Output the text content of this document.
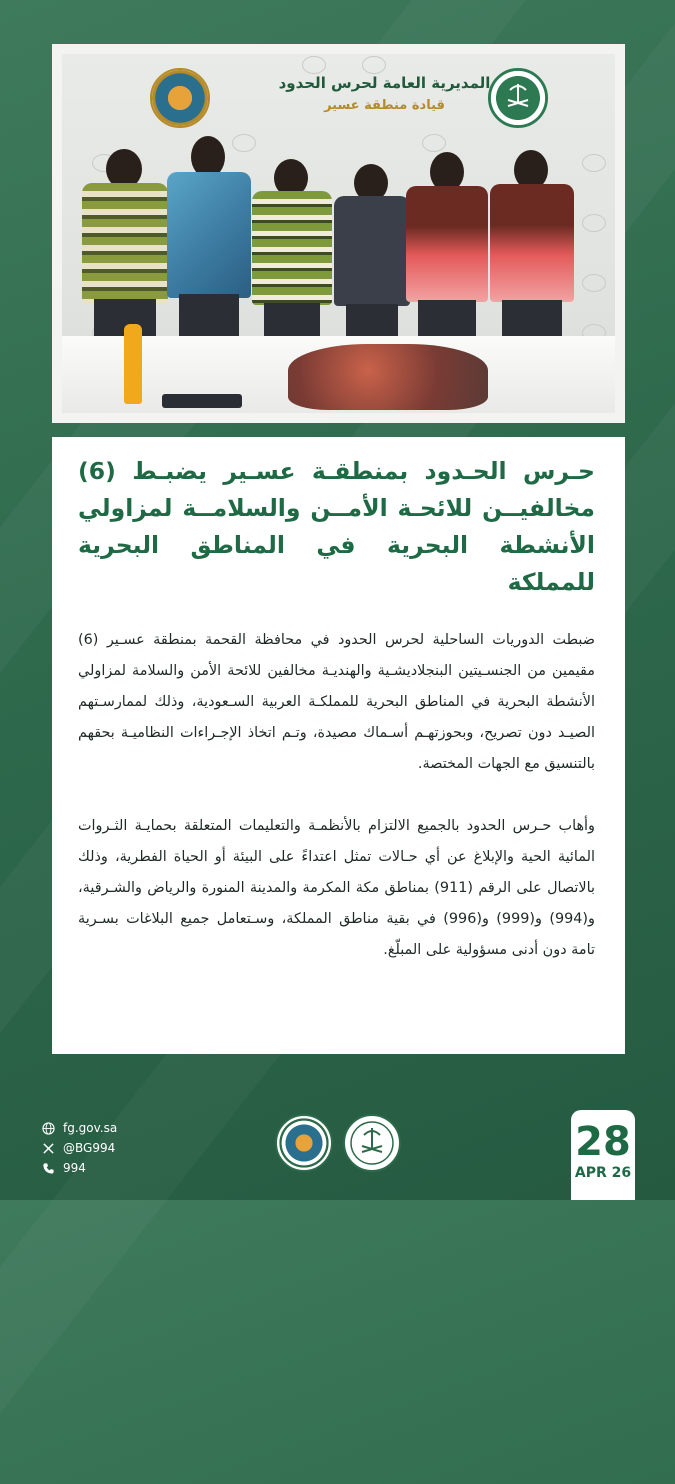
المديرية العامة لحرس الحدود
قيادة منطقة عسير
حـرس الحـدود بمنطقـة عسـير يضبـط (6) مخالفيــن للائحـة الأمــن والسلامــة لمزاولي الأنشطة البحرية في المناطق البحرية للمملكة

ضبطت الدوريات الساحلية لحرس الحدود في محافظة القحمة بمنطقة عسـير (6) مقيمين من الجنسـيتين البنجلاديشـية والهنديـة مخالفين للائحة الأمن والسلامة لمزاولي الأنشطة البحرية في المناطق البحرية للمملكـة العربية السـعودية، وذلك لممارسـتهم الصيـد دون تصريح، وبحوزتهـم أسـماك مصيدة، وتـم اتخاذ الإجـراءات النظاميـة بحقهم بالتنسيق مع الجهات المختصة.

وأهاب حـرس الحدود بالجميع الالتزام بالأنظمـة والتعليمات المتعلقة بحمايـة الثـروات المائية الحية والإبلاغ عن أي حـالات تمثل اعتداءً على البيئة أو الحياة الفطرية، وذلك بالاتصال على الرقم (911) بمناطق مكة المكرمة والمدينة المنورة والرياض والشـرقية، و(994) و(999) و(996) في بقية مناطق المملكة، وسـتعامل جميع البلاغات بسـرية تامة دون أدنى مسؤولية على المبلّغ.

fg.gov.sa
@BG994
994
28
APR 26
